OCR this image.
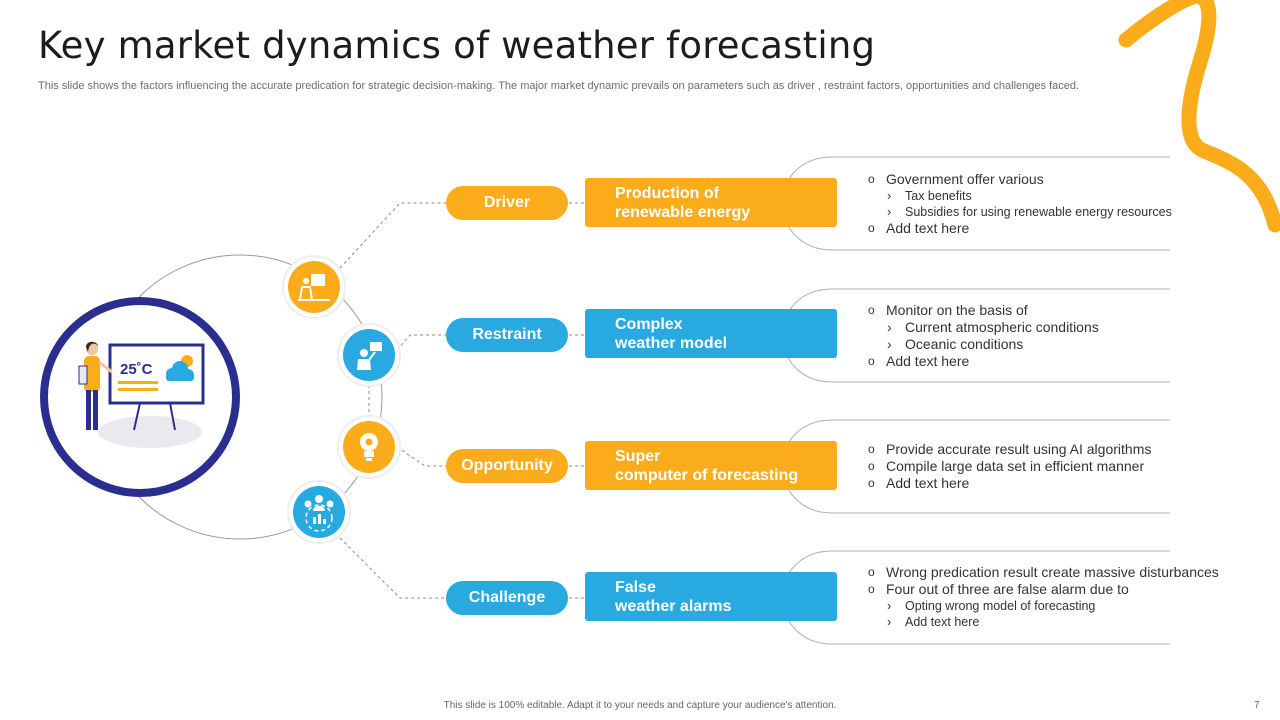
25˚C
Key market dynamics of weather forecasting
This slide shows the factors influencing the accurate predication for strategic decision-making. The major market dynamic prevails on parameters such as driver , restraint factors, opportunities and challenges faced.
Driver
Production of
renewable energy
o Government offer various
› Tax benefits
› Subsidies for using renewable energy resources
o Add text here
Restraint
Complex
weather model
o Monitor on the basis of
› Current atmospheric conditions
› Oceanic conditions
o Add text here
Opportunity
Super
computer of forecasting
o Provide accurate result using AI algorithms
o Compile large data set in efficient manner
o Add text here
Challenge
False
weather alarms
o Wrong predication result create massive disturbances
o Four out of three are false alarm due to
› Opting wrong model of forecasting
› Add text here
This slide is 100% editable. Adapt it to your needs and capture your audience's attention.	7
